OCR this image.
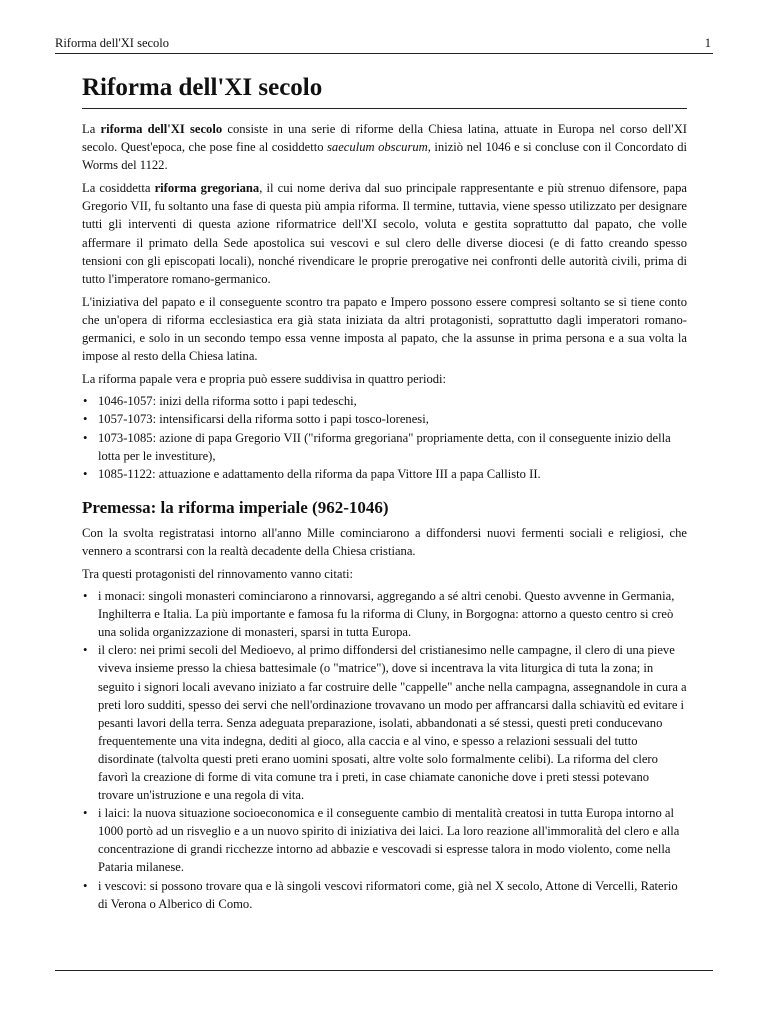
Riforma dell'XI secolo	1
Riforma dell'XI secolo

La riforma dell'XI secolo consiste in una serie di riforme della Chiesa latina, attuate in Europa nel corso dell'XI secolo. Quest'epoca, che pose fine al cosiddetto saeculum obscurum, iniziò nel 1046 e si concluse con il Concordato di Worms del 1122.

La cosiddetta riforma gregoriana, il cui nome deriva dal suo principale rappresentante e più strenuo difensore, papa Gregorio VII, fu soltanto una fase di questa più ampia riforma. Il termine, tuttavia, viene spesso utilizzato per designare tutti gli interventi di questa azione riformatrice dell'XI secolo, voluta e gestita soprattutto dal papato, che volle affermare il primato della Sede apostolica sui vescovi e sul clero delle diverse diocesi (e di fatto creando spesso tensioni con gli episcopati locali), nonché rivendicare le proprie prerogative nei confronti delle autorità civili, prima di tutto l'imperatore romano-germanico.

L'iniziativa del papato e il conseguente scontro tra papato e Impero possono essere compresi soltanto se si tiene conto che un'opera di riforma ecclesiastica era già stata iniziata da altri protagonisti, soprattutto dagli imperatori romano-germanici, e solo in un secondo tempo essa venne imposta al papato, che la assunse in prima persona e a sua volta la impose al resto della Chiesa latina.

La riforma papale vera e propria può essere suddivisa in quattro periodi:

• 1046-1057: inizi della riforma sotto i papi tedeschi,
• 1057-1073: intensificarsi della riforma sotto i papi tosco-lorenesi,
• 1073-1085: azione di papa Gregorio VII ("riforma gregoriana" propriamente detta, con il conseguente inizio della lotta per le investiture),
• 1085-1122: attuazione e adattamento della riforma da papa Vittore III a papa Callisto II.
Premessa: la riforma imperiale (962-1046)

Con la svolta registratasi intorno all'anno Mille cominciarono a diffondersi nuovi fermenti sociali e religiosi, che vennero a scontrarsi con la realtà decadente della Chiesa cristiana.

Tra questi protagonisti del rinnovamento vanno citati:

• i monaci: singoli monasteri cominciarono a rinnovarsi, aggregando a sé altri cenobi. Questo avvenne in Germania, Inghilterra e Italia. La più importante e famosa fu la riforma di Cluny, in Borgogna: attorno a questo centro si creò una solida organizzazione di monasteri, sparsi in tutta Europa.
• il clero: nei primi secoli del Medioevo, al primo diffondersi del cristianesimo nelle campagne, il clero di una pieve viveva insieme presso la chiesa battesimale (o "matrice"), dove si incentrava la vita liturgica di tuta la zona; in seguito i signori locali avevano iniziato a far costruire delle "cappelle" anche nella campagna, assegnandole in cura a preti loro sudditi, spesso dei servi che nell'ordinazione trovavano un modo per affrancarsi dalla schiavitù ed evitare i pesanti lavori della terra. Senza adeguata preparazione, isolati, abbandonati a sé stessi, questi preti conducevano frequentemente una vita indegna, dediti al gioco, alla caccia e al vino, e spesso a relazioni sessuali del tutto disordinate (talvolta questi preti erano uomini sposati, altre volte solo formalmente celibi). La riforma del clero favorì la creazione di forme di vita comune tra i preti, in case chiamate canoniche dove i preti stessi potevano trovare un'istruzione e una regola di vita.
• i laici: la nuova situazione socioeconomica e il conseguente cambio di mentalità creatosi in tutta Europa intorno al 1000 portò ad un risveglio e a un nuovo spirito di iniziativa dei laici. La loro reazione all'immoralità del clero e alla concentrazione di grandi ricchezze intorno ad abbazie e vescovadi si espresse talora in modo violento, come nella Pataria milanese.
• i vescovi: si possono trovare qua e là singoli vescovi riformatori come, già nel X secolo, Attone di Vercelli, Raterio di Verona o Alberico di Como.
